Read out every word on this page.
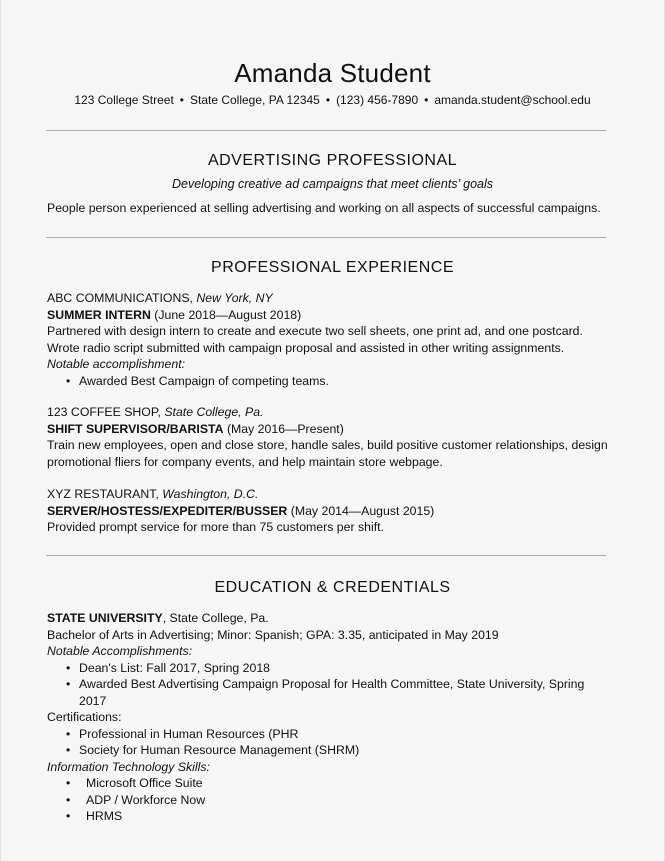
Amanda Student
123 College Street • State College, PA 12345 • (123) 456-7890 • amanda.student@school.edu
ADVERTISING PROFESSIONAL
Developing creative ad campaigns that meet clients’ goals

People person experienced at selling advertising and working on all aspects of successful campaigns.

PROFESSIONAL EXPERIENCE

ABC COMMUNICATIONS, New York, NY

SUMMER INTERN (June 2018—August 2018)

Partnered with design intern to create and execute two sell sheets, one print ad, and one postcard. Wrote radio script submitted with campaign proposal and assisted in other writing assignments.

Notable accomplishment:

• Awarded Best Campaign of competing teams.

123 COFFEE SHOP, State College, Pa.

SHIFT SUPERVISOR/BARISTA (May 2016—Present)

Train new employees, open and close store, handle sales, build positive customer relationships, design promotional fliers for company events, and help maintain store webpage.

XYZ RESTAURANT, Washington, D.C.

SERVER/HOSTESS/EXPEDITER/BUSSER (May 2014—August 2015)

Provided prompt service for more than 75 customers per shift.

EDUCATION & CREDENTIALS

STATE UNIVERSITY, State College, Pa.

Bachelor of Arts in Advertising; Minor: Spanish; GPA: 3.35, anticipated in May 2019

Notable Accomplishments:

• Dean's List: Fall 2017, Spring 2018
• Awarded Best Advertising Campaign Proposal for Health Committee, State University, Spring 2017

Certifications:

• Professional in Human Resources (PHR
• Society for Human Resource Management (SHRM)

Information Technology Skills:

• Microsoft Office Suite
• ADP / Workforce Now
• HRMS
